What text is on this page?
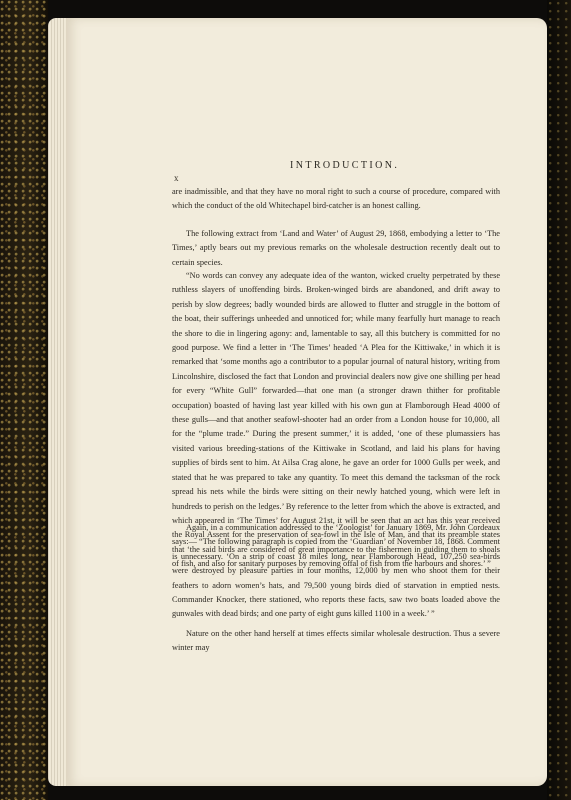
x
INTRODUCTION.

are inadmissible, and that they have no moral right to such a course of procedure, compared with which the conduct of the old Whitechapel bird-catcher is an honest calling.

The following extract from ‘Land and Water’ of August 29, 1868, embodying a letter to ‘The Times,’ aptly bears out my previous remarks on the wholesale destruction recently dealt out to certain species.

“No words can convey any adequate idea of the wanton, wicked cruelty perpetrated by these ruthless slayers of unoffending birds. Broken-winged birds are abandoned, and drift away to perish by slow degrees; badly wounded birds are allowed to flutter and struggle in the bottom of the boat, their sufferings unheeded and unnoticed for; while many fearfully hurt manage to reach the shore to die in lingering agony: and, lamentable to say, all this butchery is committed for no good purpose. We find a letter in ‘The Times’ headed ‘A Plea for the Kittiwake,’ in which it is remarked that ‘some months ago a contributor to a popular journal of natural history, writing from Lincolnshire, disclosed the fact that London and provincial dealers now give one shilling per head for every “White Gull” forwarded—that one man (a stronger drawn thither for profitable occupation) boasted of having last year killed with his own gun at Flamborough Head 4000 of these gulls—and that another seafowl-shooter had an order from a London house for 10,000, all for the “plume trade.” During the present summer,’ it is added, ‘one of these plumassiers has visited various breeding-stations of the Kittiwake in Scotland, and laid his plans for having supplies of birds sent to him. At Ailsa Crag alone, he gave an order for 1000 Gulls per week, and stated that he was prepared to take any quantity. To meet this demand the tacksman of the rock spread his nets while the birds were sitting on their newly hatched young, which were left in hundreds to perish on the ledges.’ By reference to the letter from which the above is extracted, and which appeared in ‘The Times’ for August 21st, it will be seen that an act has this year received the Royal Assent for the preservation of sea-fowl in the Isle of Man, and that its preamble states that ‘the said birds are considered of great importance to the fishermen in guiding them to shoals of fish, and also for sanitary purposes by removing offal of fish from the harbours and shores.’ ”

Again, in a communication addressed to the ‘Zoologist’ for January 1869, Mr. John Cordeaux says:— “The following paragraph is copied from the ‘Guardian’ of November 18, 1868. Comment is unnecessary. ‘On a strip of coast 18 miles long, near Flamborough Head, 107,250 sea-birds were destroyed by pleasure parties in four months, 12,000 by men who shoot them for their feathers to adorn women’s hats, and 79,500 young birds died of starvation in emptied nests. Commander Knocker, there stationed, who reports these facts, saw two boats loaded above the gunwales with dead birds; and one party of eight guns killed 1100 in a week.’ ”

Nature on the other hand herself at times effects similar wholesale destruction. Thus a severe winter may
